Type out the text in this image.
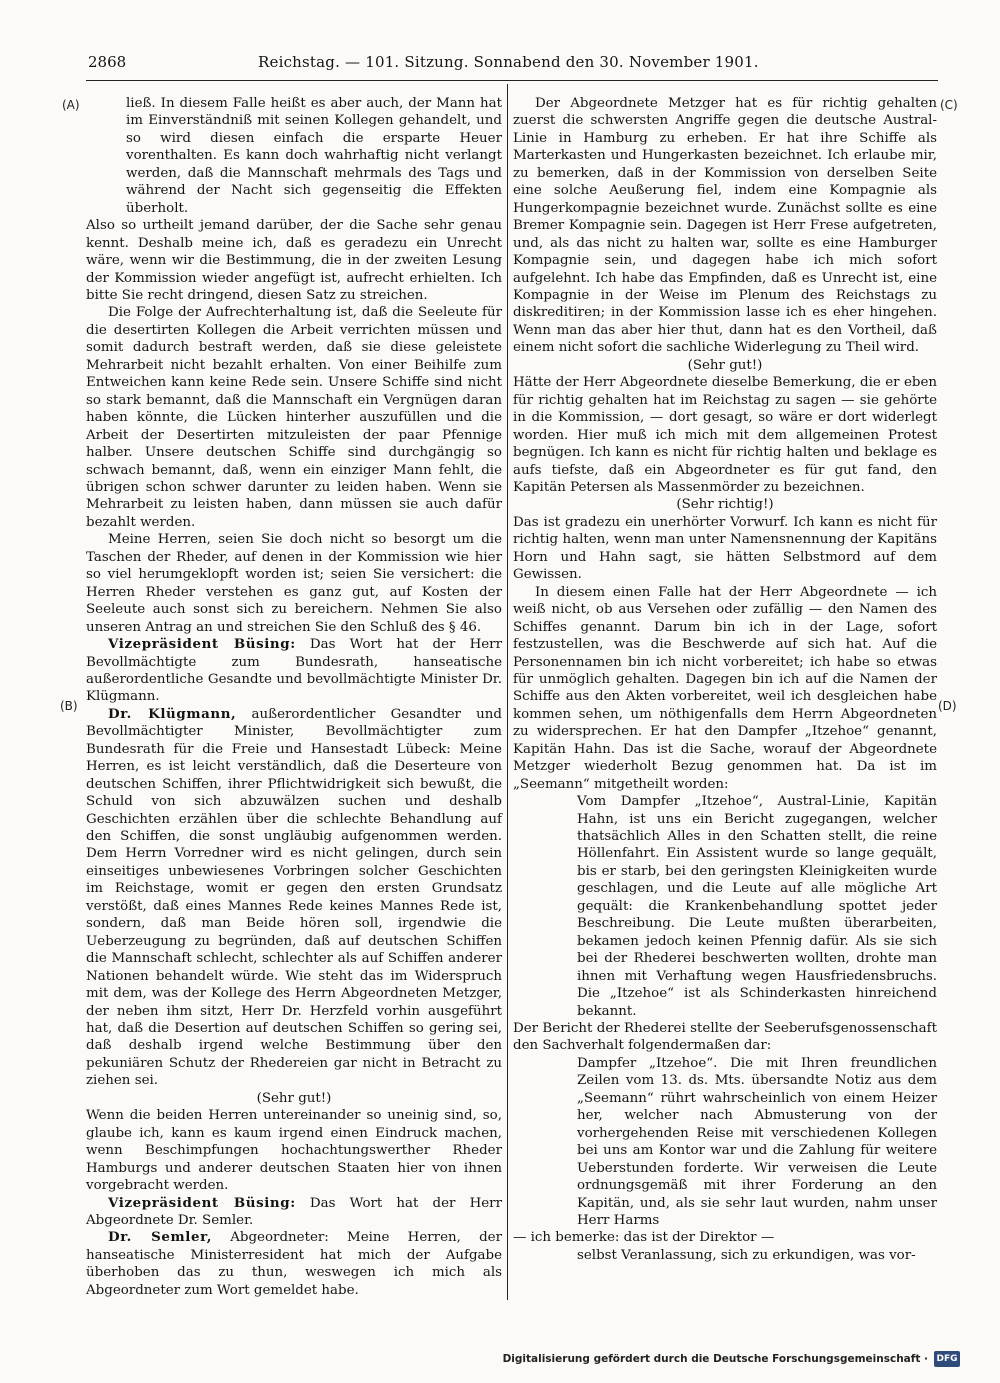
2868	Reichstag. — 101. Sitzung. Sonnabend den 30. November 1901.
(A)
(B)
(C)
(D)

ließ. In diesem Falle heißt es aber auch, der Mann hat im Einverständniß mit seinen Kollegen gehandelt, und so wird diesen einfach die ersparte Heuer vorenthalten. Es kann doch wahrhaftig nicht verlangt werden, daß die Mannschaft mehrmals des Tags und während der Nacht sich gegenseitig die Effekten überholt.

Also so urtheilt jemand darüber, der die Sache sehr genau kennt. Deshalb meine ich, daß es geradezu ein Unrecht wäre, wenn wir die Bestimmung, die in der zweiten Lesung der Kommission wieder angefügt ist, aufrecht erhielten. Ich bitte Sie recht dringend, diesen Satz zu streichen.

Die Folge der Aufrechterhaltung ist, daß die Seeleute für die desertirten Kollegen die Arbeit verrichten müssen und somit dadurch bestraft werden, daß sie diese geleistete Mehrarbeit nicht bezahlt erhalten. Von einer Beihilfe zum Entweichen kann keine Rede sein. Unsere Schiffe sind nicht so stark bemannt, daß die Mannschaft ein Vergnügen daran haben könnte, die Lücken hinterher auszufüllen und die Arbeit der Desertirten mitzuleisten der paar Pfennige halber. Unsere deutschen Schiffe sind durchgängig so schwach bemannt, daß, wenn ein einziger Mann fehlt, die übrigen schon schwer darunter zu leiden haben. Wenn sie Mehrarbeit zu leisten haben, dann müssen sie auch dafür bezahlt werden.

Meine Herren, seien Sie doch nicht so besorgt um die Taschen der Rheder, auf denen in der Kommission wie hier so viel herumgeklopft worden ist; seien Sie versichert: die Herren Rheder verstehen es ganz gut, auf Kosten der Seeleute auch sonst sich zu bereichern. Nehmen Sie also unseren Antrag an und streichen Sie den Schluß des § 46.

Vizepräsident Büsing: Das Wort hat der Herr Bevollmächtigte zum Bundesrath, hanseatische außerordentliche Gesandte und bevollmächtigte Minister Dr. Klügmann.

Dr. Klügmann, außerordentlicher Gesandter und Bevollmächtigter Minister, Bevollmächtigter zum Bundesrath für die Freie und Hansestadt Lübeck: Meine Herren, es ist leicht verständlich, daß die Deserteure von deutschen Schiffen, ihrer Pflichtwidrigkeit sich bewußt, die Schuld von sich abzuwälzen suchen und deshalb Geschichten erzählen über die schlechte Behandlung auf den Schiffen, die sonst ungläubig aufgenommen werden. Dem Herrn Vorredner wird es nicht gelingen, durch sein einseitiges unbewiesenes Vorbringen solcher Geschichten im Reichstage, womit er gegen den ersten Grundsatz verstößt, daß eines Mannes Rede keines Mannes Rede ist, sondern, daß man Beide hören soll, irgendwie die Ueberzeugung zu begründen, daß auf deutschen Schiffen die Mannschaft schlecht, schlechter als auf Schiffen anderer Nationen behandelt würde. Wie steht das im Widerspruch mit dem, was der Kollege des Herrn Abgeordneten Metzger, der neben ihm sitzt, Herr Dr. Herzfeld vorhin ausgeführt hat, daß die Desertion auf deutschen Schiffen so gering sei, daß deshalb irgend welche Bestimmung über den pekuniären Schutz der Rhedereien gar nicht in Betracht zu ziehen sei.

(Sehr gut!)

Wenn die beiden Herren untereinander so uneinig sind, so, glaube ich, kann es kaum irgend einen Eindruck machen, wenn Beschimpfungen hochachtungswerther Rheder Hamburgs und anderer deutschen Staaten hier von ihnen vorgebracht werden.

Vizepräsident Büsing: Das Wort hat der Herr Abgeordnete Dr. Semler.

Dr. Semler, Abgeordneter: Meine Herren, der hanseatische Ministerresident hat mich der Aufgabe überhoben das zu thun, weswegen ich mich als Abgeordneter zum Wort gemeldet habe.

Der Abgeordnete Metzger hat es für richtig gehalten zuerst die schwersten Angriffe gegen die deutsche Austral-Linie in Hamburg zu erheben. Er hat ihre Schiffe als Marterkasten und Hungerkasten bezeichnet. Ich erlaube mir, zu bemerken, daß in der Kommission von derselben Seite eine solche Aeußerung fiel, indem eine Kompagnie als Hungerkompagnie bezeichnet wurde. Zunächst sollte es eine Bremer Kompagnie sein. Dagegen ist Herr Frese aufgetreten, und, als das nicht zu halten war, sollte es eine Hamburger Kompagnie sein, und dagegen habe ich mich sofort aufgelehnt. Ich habe das Empfinden, daß es Unrecht ist, eine Kompagnie in der Weise im Plenum des Reichstags zu diskreditiren; in der Kommission lasse ich es eher hingehen. Wenn man das aber hier thut, dann hat es den Vortheil, daß einem nicht sofort die sachliche Widerlegung zu Theil wird.

(Sehr gut!)

Hätte der Herr Abgeordnete dieselbe Bemerkung, die er eben für richtig gehalten hat im Reichstag zu sagen — sie gehörte in die Kommission, — dort gesagt, so wäre er dort widerlegt worden. Hier muß ich mich mit dem allgemeinen Protest begnügen. Ich kann es nicht für richtig halten und beklage es aufs tiefste, daß ein Abgeordneter es für gut fand, den Kapitän Petersen als Massenmörder zu bezeichnen.

(Sehr richtig!)

Das ist gradezu ein unerhörter Vorwurf. Ich kann es nicht für richtig halten, wenn man unter Namensnennung der Kapitäns Horn und Hahn sagt, sie hätten Selbstmord auf dem Gewissen.

In diesem einen Falle hat der Herr Abgeordnete — ich weiß nicht, ob aus Versehen oder zufällig — den Namen des Schiffes genannt. Darum bin ich in der Lage, sofort festzustellen, was die Beschwerde auf sich hat. Auf die Personennamen bin ich nicht vorbereitet; ich habe so etwas für unmöglich gehalten. Dagegen bin ich auf die Namen der Schiffe aus den Akten vorbereitet, weil ich desgleichen habe kommen sehen, um nöthigenfalls dem Herrn Abgeordneten zu widersprechen. Er hat den Dampfer „Itzehoe“ genannt, Kapitän Hahn. Das ist die Sache, worauf der Abgeordnete Metzger wiederholt Bezug genommen hat. Da ist im „Seemann“ mitgetheilt worden:

Vom Dampfer „Itzehoe“, Austral-Linie, Kapitän Hahn, ist uns ein Bericht zugegangen, welcher thatsächlich Alles in den Schatten stellt, die reine Höllenfahrt. Ein Assistent wurde so lange gequält, bis er starb, bei den geringsten Kleinigkeiten wurde geschlagen, und die Leute auf alle mögliche Art gequält: die Krankenbehandlung spottet jeder Beschreibung. Die Leute mußten überarbeiten, bekamen jedoch keinen Pfennig dafür. Als sie sich bei der Rhederei beschwerten wollten, drohte man ihnen mit Verhaftung wegen Hausfriedensbruchs. Die „Itzehoe“ ist als Schinderkasten hinreichend bekannt.

Der Bericht der Rhederei stellte der Seeberufsgenossenschaft den Sachverhalt folgendermaßen dar:

Dampfer „Itzehoe“. Die mit Ihren freundlichen Zeilen vom 13. ds. Mts. übersandte Notiz aus dem „Seemann“ rührt wahrscheinlich von einem Heizer her, welcher nach Abmusterung von der vorhergehenden Reise mit verschiedenen Kollegen bei uns am Kontor war und die Zahlung für weitere Ueberstunden forderte. Wir verweisen die Leute ordnungsgemäß mit ihrer Forderung an den Kapitän, und, als sie sehr laut wurden, nahm unser Herr Harms

— ich bemerke: das ist der Direktor —

selbst Veranlassung, sich zu erkundigen, was vor-

Digitalisierung gefördert durch die Deutsche Forschungsgemeinschaft · DFG
